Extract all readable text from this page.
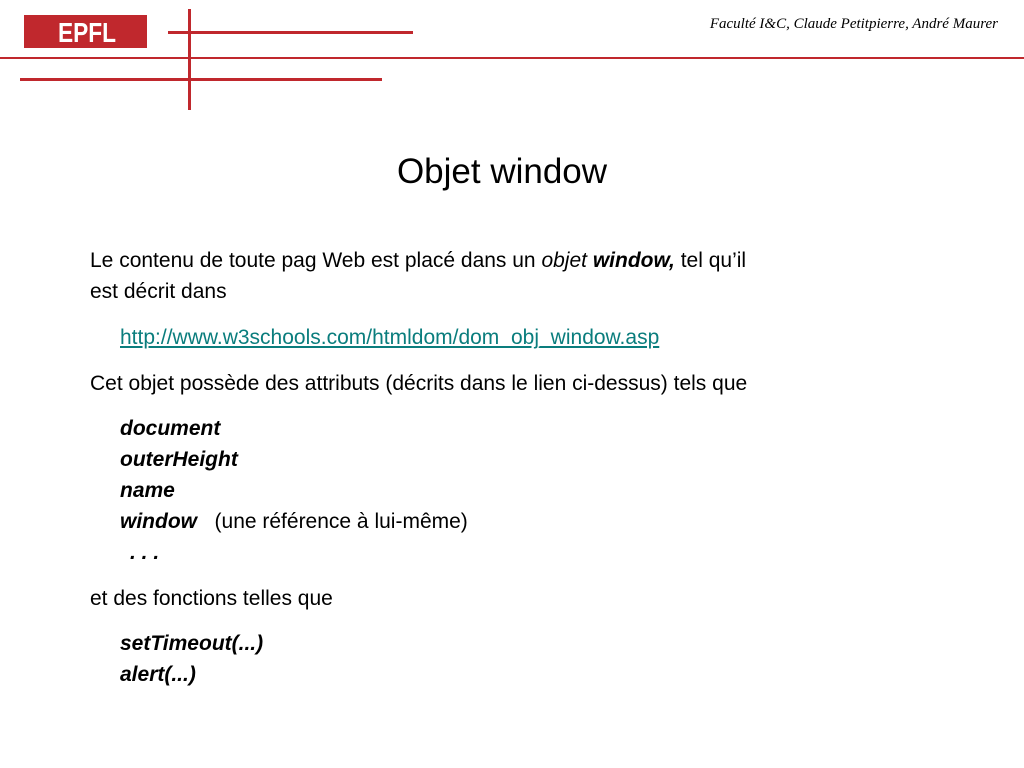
EPFL	Faculté I&C, Claude Petitpierre, André Maurer
Objet window
Le contenu de toute pag Web est placé dans un objet window, tel qu’il
est décrit dans
http://www.w3schools.com/htmldom/dom_obj_window.asp
Cet objet possède des attributs (décrits dans le lien ci-dessus) tels que
document
outerHeight
name
window (une référence à lui-même)
. . .
et des fonctions telles que
setTimeout(...)
alert(...)
